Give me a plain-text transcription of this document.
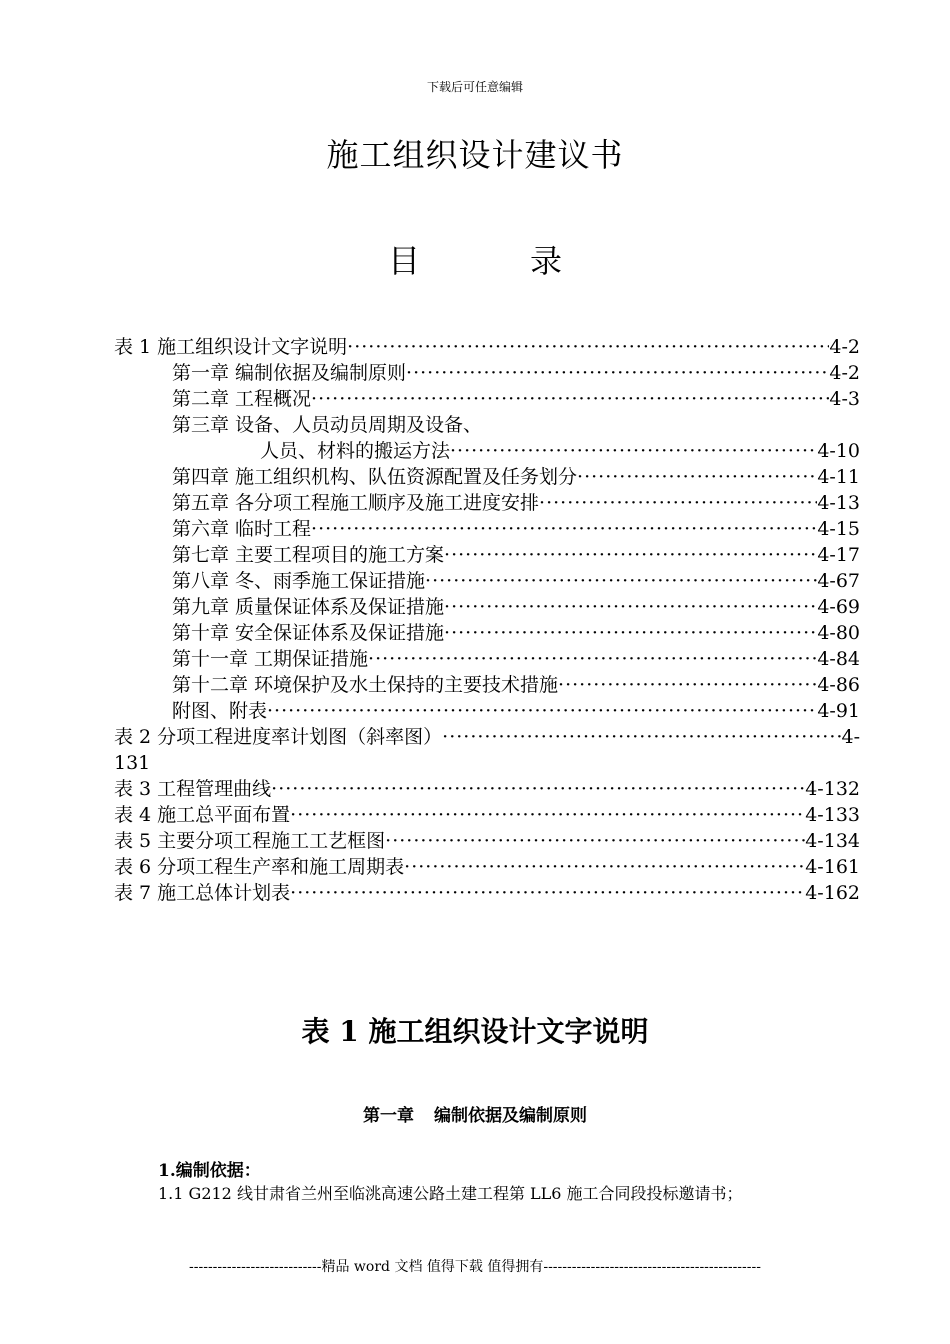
下载后可任意编辑
施工组织设计建议书
目	录
表 1 施工组织设计文字说明 ·····	4-2
第一章 编制依据及编制原则 ·····	4-2
第二章 工程概况 ·····	4-3
第三章 设备、人员动员周期及设备、
人员、材料的搬运方法 ·····	4-10
第四章 施工组织机构、队伍资源配置及任务划分 ·····	4-11
第五章 各分项工程施工顺序及施工进度安排 ·····	4-13
第六章 临时工程 ·····	4-15
第七章 主要工程项目的施工方案 ·····	4-17
第八章 冬、雨季施工保证措施 ·····	4-67
第九章 质量保证体系及保证措施 ·····	4-69
第十章 安全保证体系及保证措施 ·····	4-80
第十一章 工期保证措施 ·····	4-84
第十二章 环境保护及水土保持的主要技术措施 ·····	4-86
附图、附表 ·····	4-91
表 2 分项工程进度率计划图（斜率图） ·····	4-
131
表 3 工程管理曲线 ·····	4-132
表 4 施工总平面布置 ·····	4-133
表 5 主要分项工程施工工艺框图 ·····	4-134
表 6 分项工程生产率和施工周期表 ·····	4-161
表 7 施工总体计划表 ·····	4-162
表 1 施工组织设计文字说明
第一章 编制依据及编制原则
1.编制依据：
1.1 G212 线甘肃省兰州至临洮高速公路土建工程第 LL6 施工合同段投标邀请书；
----------------------------精品 word 文档 值得下载 值得拥有----------------------------------------------
